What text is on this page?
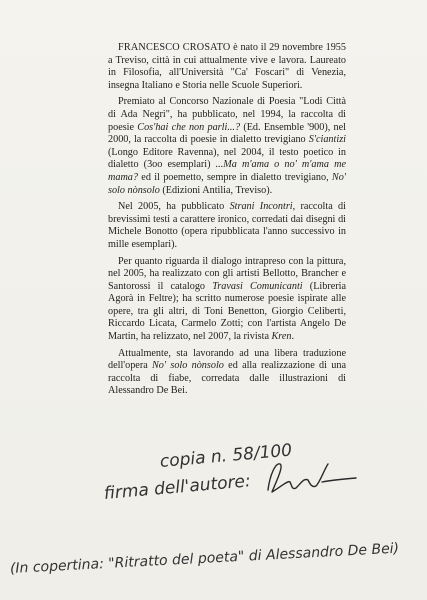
FRANCESCO CROSATO è nato il 29 novembre 1955 a Treviso, città in cui attualmente vive e lavora. Laureato in Filosofia, all'Università "Ca' Foscari" di Venezia, insegna Italiano e Storia nelle Scuole Superiori.

Premiato al Concorso Nazionale di Poesia "Lodi Città di Ada Negri", ha pubblicato, nel 1994, la raccolta di poesie Cos'hai che non parli...? (Ed. Ensemble '900), nel 2000, la raccolta di poesie in dialetto trevigiano S'ciantizi (Longo Editore Ravenna), nel 2004, il testo poetico in dialetto (3oo esemplari) ...Ma m'ama o no' m'ama me mama? ed il poemetto, sempre in dialetto trevigiano, No' solo nònsolo (Edizioni Antilia, Treviso).

Nel 2005, ha pubblicato Strani Incontri, raccolta di brevissimi testi a carattere ironico, corredati dai disegni di Michele Bonotto (opera ripubblicata l'anno successivo in mille esemplari).

Per quanto riguarda il dialogo intrapreso con la pittura, nel 2005, ha realizzato con gli artisti Bellotto, Brancher e Santorossi il catalogo Travasi Comunicanti (Libreria Agorà in Feltre); ha scritto numerose poesie ispirate alle opere, tra gli altri, di Toni Benetton, Giorgio Celiberti, Riccardo Licata, Carmelo Zotti; con l'artista Angelo De Martin, ha relizzato, nel 2007, la rivista Kren.

Attualmente, sta lavorando ad una libera traduzione dell'opera No' solo nònsolo ed alla realizzazione di una raccolta di fiabe, corredata dalle illustrazioni di Alessandro De Bei.

copia n. 58/100
firma dell'autore:
(In copertina: "Ritratto del poeta" di Alessandro De Bei)
